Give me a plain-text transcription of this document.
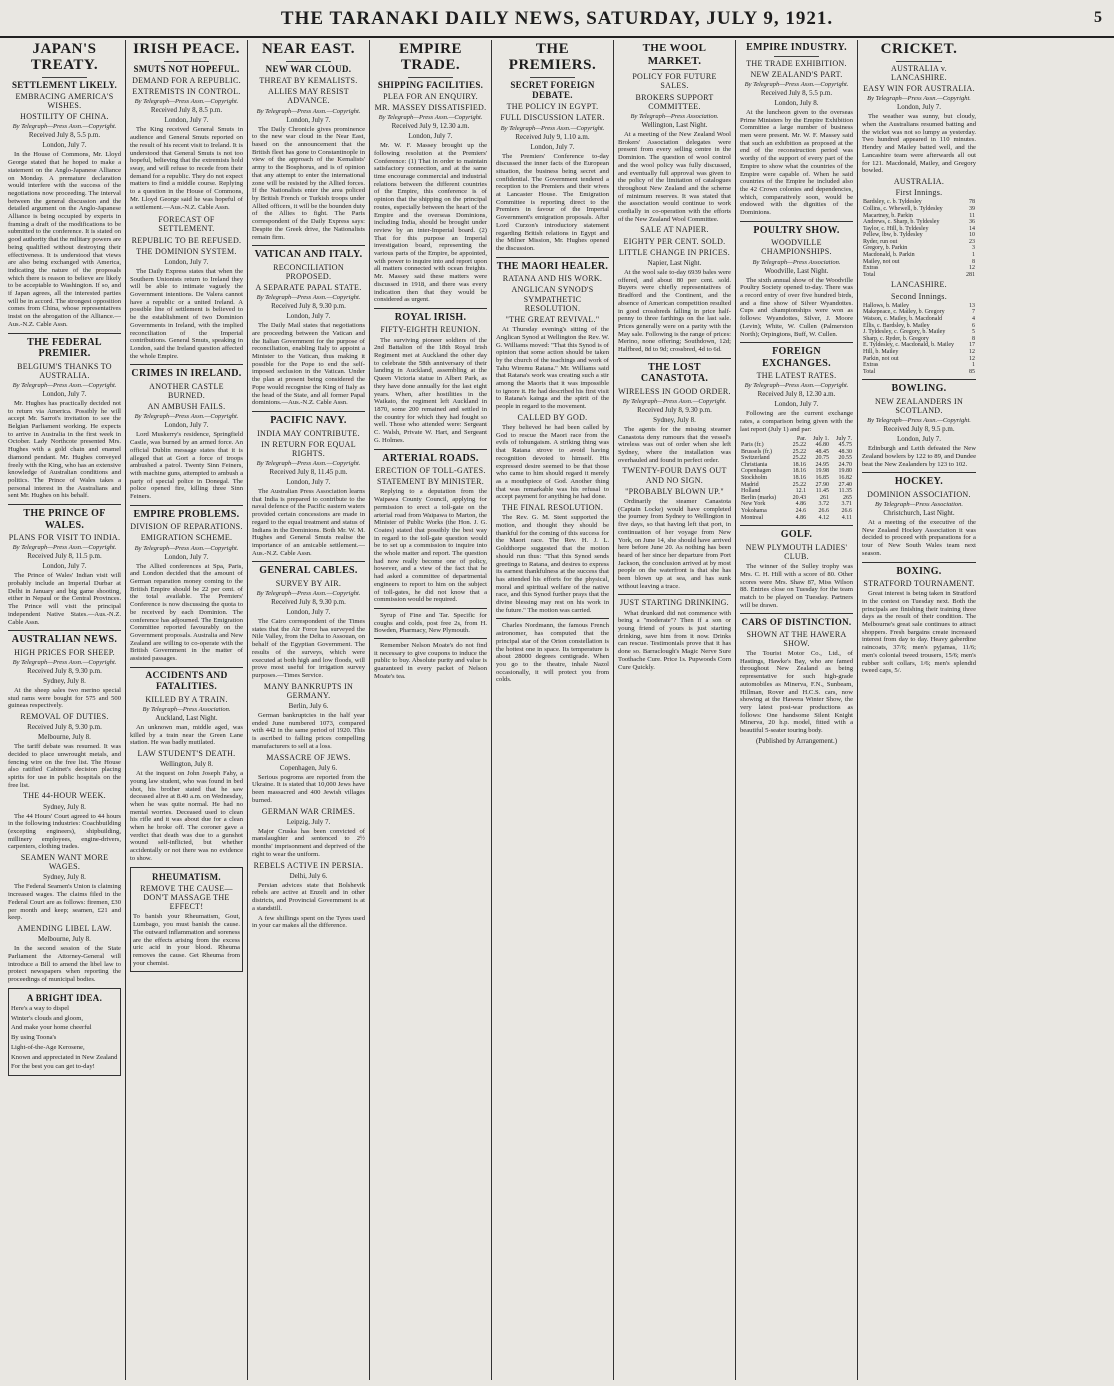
THE TARANAKI DAILY NEWS, SATURDAY, JULY 9, 1921.	5
JAPAN'S TREATY.
SETTLEMENT LIKELY.
EMBRACING AMERICA'S WISHES.
HOSTILITY OF CHINA.
By Telegraph—Press Assn.—Copyright.
Received July 8, 5.5 p.m.
London, July 7.

In the House of Commons, Mr. Lloyd George stated that he hoped to make a statement on the Anglo-Japanese Alliance on Monday. A premature declaration would interfere with the success of the negotiations now proceeding. The interval between the general discussion and the detailed argument on the Anglo-Japanese Alliance is being occupied by experts in framing a draft of the modifications to be submitted to the conference. It is stated on good authority that the military powers are being qualified without destroying their effectiveness. It is understood that views are also being exchanged with America, indicating the nature of the proposals which there is reason to believe are likely to be acceptable to Washington. If so, and if Japan agrees, all the interested parties will be in accord. The strongest opposition comes from China, whose representatives insist on the abrogation of the Alliance.—Aus.-N.Z. Cable Assn.

THE FEDERAL PREMIER.
BELGIUM'S THANKS TO AUSTRALIA.
By Telegraph—Press Assn.—Copyright.
London, July 7.

Mr. Hughes has practically decided not to return via America. Possibly he will accept Mr. Sarrot's invitation to see the Belgian Parliament working. He expects to arrive in Australia in the first week in October. Lady Northcote presented Mrs. Hughes with a gold chain and enamel diamond pendant. Mr. Hughes conveyed freely with the King, who has an extensive knowledge of Australian conditions and politics. The Prince of Wales takes a personal interest in the Australians and sent Mr. Hughes on his behalf.

THE PRINCE OF WALES.
PLANS FOR VISIT TO INDIA.
By Telegraph—Press Assn.—Copyright.
Received July 8, 11.5 p.m.
London, July 7.

The Prince of Wales' Indian visit will probably include an Imperial Durbar at Delhi in January and big game shooting, either in Nepaul or the Central Provinces. The Prince will visit the principal independent Native States.—Aus.-N.Z. Cable Assn.

AUSTRALIAN NEWS.
HIGH PRICES FOR SHEEP.
By Telegraph—Press Assn.—Copyright.
Received July 8, 9.30 p.m.
Sydney, July 8.

At the sheep sales two merino special stud rams were bought for 575 and 500 guineas respectively.

REMOVAL OF DUTIES.
Received July 8, 9.30 p.m.
Melbourne, July 8.

The tariff debate was resumed. It was decided to place unwrought metals, and fencing wire on the free list. The House also ratified Cabinet's decision placing spirits for use in public hospitals on the free list.

THE 44-HOUR WEEK.
Sydney, July 8.

The 44 Hours' Court agreed to 44 hours in the following industries: Coachbuilding (excepting engineers), shipbuilding, millinery employees, engine-drivers, carpenters, clothing trades.

SEAMEN WANT MORE WAGES.
Sydney, July 8.

The Federal Seamen's Union is claiming increased wages. The claims filed in the Federal Court are as follows: firemen, £30 per month and keep; seamen, £21 and keep.

AMENDING LIBEL LAW.
Melbourne, July 8.

In the second session of the State Parliament the Attorney-General will introduce a Bill to amend the libel law to protect newspapers when reporting the proceedings of municipal bodies.

A BRIGHT IDEA.
Here's a way to dispel
Winter's clouds and gloom,
And make your home cheerful
By using Toona's
Light-of-the-Age Kerosene,
Known and appreciated in New Zealand
For the best you can get to-day!
IRISH PEACE.
SMUTS NOT HOPEFUL.
DEMAND FOR A REPUBLIC.
EXTREMISTS IN CONTROL.
By Telegraph—Press Assn.—Copyright.
Received July 8, 8.5 p.m.
London, July 7.

The King received General Smuts in audience and General Smuts reported on the result of his recent visit to Ireland. It is understood that General Smuts is not too hopeful, believing that the extremists hold sway, and will refuse to recede from their demand for a republic. They do not expect matters to find a middle course. Replying to a question in the House of Commons, Mr. Lloyd George said he was hopeful of a settlement.—Aus.-N.Z. Cable Assn.

FORECAST OF SETTLEMENT.
REPUBLIC TO BE REFUSED.
THE DOMINION SYSTEM.
London, July 7.

The Daily Express states that when the Southern Unionists return to Ireland they will be able to intimate vaguely the Government intentions. De Valera cannot have a republic or a united Ireland. A possible line of settlement is believed to be the establishment of two Dominion Governments in Ireland, with the implied reconciliation of the Imperial contributions. General Smuts, speaking in London, said the Ireland question affected the whole Empire.

CRIMES IN IRELAND.
ANOTHER CASTLE BURNED.
AN AMBUSH FAILS.
By Telegraph—Press Assn.—Copyright.
London, July 7.

Lord Muskerry's residence, Springfield Castle, was burned by an armed force. An official Dublin message states that it is alleged that at Gort a force of troops ambushed a patrol. Twenty Sinn Feiners, with machine guns, attempted to ambush a party of special police in Donegal. The police opened fire, killing three Sinn Feiners.

EMPIRE PROBLEMS.
DIVISION OF REPARATIONS.
EMIGRATION SCHEME.
By Telegraph—Press Assn.—Copyright.
London, July 7.

The Allied conferences at Spa, Paris, and London decided that the amount of German reparation money coming to the British Empire should be 22 per cent. of the total available. The Premiers' Conference is now discussing the quota to be received by each Dominion. The conference has adjourned. The Emigration Committee reported favourably on the Government proposals. Australia and New Zealand are willing to co-operate with the British Government in the matter of assisted passages.

ACCIDENTS AND FATALITIES.
KILLED BY A TRAIN.
By Telegraph—Press Association.
Auckland, Last Night.

An unknown man, middle aged, was killed by a train near the Green Lane station. He was badly mutilated.

LAW STUDENT'S DEATH.
Wellington, July 8.

At the inquest on John Joseph Fahy, a young law student, who was found in bed shot, his brother stated that he saw deceased alive at 8.40 a.m. on Wednesday, when he was quite normal. He had no mental worries. Deceased used to clean his rifle and it was about due for a clean when he broke off. The coroner gave a verdict that death was due to a gunshot wound self-inflicted, but whether accidentally or not there was no evidence to show.

RHEUMATISM.
REMOVE THE CAUSE—DON'T MASSAGE THE EFFECT!

To banish your Rheumatism, Gout, Lumbago, you must banish the cause. The outward inflammation and soreness are the effects arising from the excess uric acid in your blood. Rheuma removes the cause. Get Rheuma from your chemist.

NEAR EAST.
NEW WAR CLOUD.
THREAT BY KEMALISTS.
ALLIES MAY RESIST ADVANCE.
By Telegraph—Press Assn.—Copyright.
London, July 7.

The Daily Chronicle gives prominence to the new war cloud in the Near East, based on the announcement that the British fleet has gone to Constantinople in view of the approach of the Kemalists' army to the Bosphorus, and is of opinion that any attempt to enter the international zone will be resisted by the Allied forces. If the Nationalists enter the area policed by British French or Turkish troops under Allied officers, it will be the bounden duty of the Allies to fight. The Paris correspondent of the Daily Express says: Despite the Greek drive, the Nationalists remain firm.

VATICAN AND ITALY.
RECONCILIATION PROPOSED.
A SEPARATE PAPAL STATE.
By Telegraph—Press Assn.—Copyright.
Received July 8, 9.30 p.m.
London, July 7.

The Daily Mail states that negotiations are proceeding between the Vatican and the Italian Government for the purpose of reconciliation, enabling Italy to appoint a Minister to the Vatican, thus making it possible for the Pope to end the self-imposed seclusion in the Vatican. Under the plan at present being considered the Pope would recognise the King of Italy as the head of the State, and all former Papal dominions.—Aus.-N.Z. Cable Assn.

PACIFIC NAVY.
INDIA MAY CONTRIBUTE.
IN RETURN FOR EQUAL RIGHTS.
By Telegraph—Press Assn.—Copyright.
Received July 8, 11.45 p.m.
London, July 7.

The Australian Press Association learns that India is prepared to contribute to the naval defence of the Pacific eastern waters provided certain concessions are made in regard to the equal treatment and status of Indians in the Dominions. Both Mr. W. M. Hughes and General Smuts realise the importance of an amicable settlement.—Aus.-N.Z. Cable Assn.

GENERAL CABLES.
SURVEY BY AIR.
By Telegraph—Press Assn.—Copyright.
Received July 8, 9.30 p.m.
London, July 7.

The Cairo correspondent of the Times states that the Air Force has surveyed the Nile Valley, from the Delta to Assouan, on behalf of the Egyptian Government. The results of the surveys, which were executed at both high and low floods, will prove most useful for irrigation survey purposes.—Times Service.

MANY BANKRUPTS IN GERMANY.
Berlin, July 6.

German bankruptcies in the half year ended June numbered 1073, compared with 442 in the same period of 1920. This is ascribed to falling prices compelling manufacturers to sell at a loss.

MASSACRE OF JEWS.
Copenhagen, July 6.

Serious pogroms are reported from the Ukraine. It is stated that 10,000 Jews have been massacred and 400 Jewish villages burned.

GERMAN WAR CRIMES.
Leipzig, July 7.

Major Cruska has been convicted of manslaughter and sentenced to 2½ months' imprisonment and deprived of the right to wear the uniform.

REBELS ACTIVE IN PERSIA.
Delhi, July 6.

Persian advices state that Bolshevik rebels are active at Enzeli and in other districts, and Provincial Government is at a standstill.

A few shillings spent on the Tyres used in your car makes all the difference.

EMPIRE TRADE.
SHIPPING FACILITIES.
PLEA FOR AN ENQUIRY.
MR. MASSEY DISSATISFIED.
By Telegraph—Press Assn.—Copyright.
Received July 9, 12.30 a.m.
London, July 7.

Mr. W. F. Massey brought up the following resolution at the Premiers' Conference: (1) That in order to maintain satisfactory connection, and at the same time encourage commercial and industrial relations between the different countries of the Empire, this conference is of opinion that the shipping on the principal routes, especially between the heart of the Empire and the overseas Dominions, including India, should be brought under review by an inter-Imperial board. (2) That for this purpose an Imperial investigation board, representing the various parts of the Empire, be appointed, with power to inquire into and report upon all matters connected with ocean freights. Mr. Massey said these matters were discussed in 1918, and there was every indication then that they would be considered as urgent.

ROYAL IRISH.
FIFTY-EIGHTH REUNION.

The surviving pioneer soldiers of the 2nd Battalion of the 18th Royal Irish Regiment met at Auckland the other day to celebrate the 58th anniversary of their landing in Auckland, assembling at the Queen Victoria statue in Albert Park, as they have done annually for the last eight years. When, after hostilities in the Waikato, the regiment left Auckland in 1870, some 200 remained and settled in the country for which they had fought so well. Those who attended were: Sergeant C. Walsh, Private W. Hart, and Sergeant G. Holmes.

ARTERIAL ROADS.
ERECTION OF TOLL-GATES.
STATEMENT BY MINISTER.

Replying to a deputation from the Waipawa County Council, applying for permission to erect a toll-gate on the arterial road from Waipawa to Marton, the Minister of Public Works (the Hon. J. G. Coates) stated that possibly the best way in regard to the toll-gate question would be to set up a commission to inquire into the whole matter and report. The question had now really become one of policy, however, and a view of the fact that he had asked a committee of departmental engineers to report to him on the subject of toll-gates, he did not know that a commission would be required.

Syrup of Fine and Tar. Specific for coughs and colds, post free 2s, from H. Bowden, Pharmacy, New Plymouth.

Remember Nelson Moate's do not find it necessary to give coupons to induce the public to buy. Absolute purity and value is guaranteed in every packet of Nelson Moate's tea.

THE PREMIERS.
SECRET FOREIGN DEBATE.
THE POLICY IN EGYPT.
FULL DISCUSSION LATER.
By Telegraph—Press Assn.—Copyright.
Received July 9, 1.10 a.m.
London, July 7.

The Premiers' Conference to-day discussed the inner facts of the European situation, the business being secret and confidential. The Government tendered a reception to the Premiers and their wives at Lancaster House. The Emigration Committee is reporting direct to the Premiers in favour of the Imperial Government's emigration proposals. After Lord Curzon's introductory statement regarding British relations in Egypt and the Milner Mission, Mr. Hughes opened the discussion.

THE MAORI HEALER.
RATANA AND HIS WORK.
ANGLICAN SYNOD'S SYMPATHETIC RESOLUTION.
"THE GREAT REVIVAL."

At Thursday evening's sitting of the Anglican Synod at Wellington the Rev. W. G. Williams moved: "That this Synod is of opinion that some action should be taken by the church of the teachings and work of Tahu Wiremu Ratana." Mr. Williams said that Ratana's work was creating such a stir among the Maoris that it was impossible to ignore it. He had described his first visit to Ratana's kainga and the spirit of the people in regard to the movement.

CALLED BY GOD.

They believed he had been called by God to rescue the Maori race from the evils of tohungaism. A striking thing was that Ratana strove to avoid having recognition devoted to himself. His expressed desire seemed to be that those who came to him should regard it merely as a mouthpiece of God. Another thing that was remarkable was his refusal to accept payment for anything he had done.

THE FINAL RESOLUTION.

The Rev. G. M. Stent supported the motion, and thought they should be thankful for the coming of this success for the Maori race. The Rev. H. J. L. Goldthorpe suggested that the motion should run thus: "That this Synod sends greetings to Ratana, and desires to express its earnest thankfulness at the success that has attended his efforts for the physical, moral and spiritual welfare of the native race, and this Synod further prays that the divine blessing may rest on his work in the future." The motion was carried.

Charles Nordmann, the famous French astronomer, has computed that the principal star of the Orion constellation is the hottest one in space. Its temperature is about 28000 degrees centigrade. When you go to the theatre, inhale Nazol occasionally, it will protect you from colds.

THE WOOL MARKET.
POLICY FOR FUTURE SALES.
BROKERS SUPPORT COMMITTEE.
By Telegraph—Press Association.
Wellington, Last Night.

At a meeting of the New Zealand Wool Brokers' Association delegates were present from every selling centre in the Dominion. The question of wool control and the wool policy was fully discussed, and eventually full approval was given to the policy of the limitation of catalogues throughout New Zealand and the scheme of minimum reserves. It was stated that the association would continue to work cordially in co-operation with the efforts of the New Zealand Wool Committee.

SALE AT NAPIER.
EIGHTY PER CENT. SOLD.
LITTLE CHANGE IN PRICES.
Napier, Last Night.

At the wool sale to-day 6939 bales were offered, and about 80 per cent. sold. Buyers were chiefly representatives of Bradford and the Continent, and the absence of American competition resulted in good crossbreds falling in price half-penny to three farthings on the last sale. Prices generally were on a parity with the May sale. Following is the range of prices: Merino, none offering; Southdown, 12d; Halfbred, 8d to 9d; crossbred, 4d to 6d.

THE LOST CANASTOTA.
WIRELESS IN GOOD ORDER.
By Telegraph—Press Assn.—Copyright.
Received July 8, 9.30 p.m.
Sydney, July 8.

The agents for the missing steamer Canastota deny rumours that the vessel's wireless was out of order when she left Sydney, where the installation was overhauled and found in perfect order.

TWENTY-FOUR DAYS OUT AND NO SIGN.
"PROBABLY BLOWN UP."

Ordinarily the steamer Canastota (Captain Locke) would have completed the journey from Sydney to Wellington in five days, so that having left that port, in continuation of her voyage from New York, on June 14, she should have arrived here before June 20. As nothing has been heard of her since her departure from Port Jackson, the conclusion arrived at by most people on the waterfront is that she has been blown up at sea, and has sunk without leaving a trace.

JUST STARTING DRINKING.

What drunkard did not commence with being a "moderate"? Then if a son or young friend of yours is just starting drinking, save him from it now. Drinks can rescue. Testimonials prove that it has done so. Barraclough's Magic Nerve Sure Toothache Cure. Price 1s. Pupwoods Corn Cure Quickly.

EMPIRE INDUSTRY.
THE TRADE EXHIBITION.
NEW ZEALAND'S PART.
By Telegraph—Press Assn.—Copyright.
Received July 8, 5.5 p.m.
London, July 8.

At the luncheon given to the overseas Prime Ministers by the Empire Exhibition Committee a large number of business men were present. Mr. W. F. Massey said that such an exhibition as proposed at the end of the reconstruction period was worthy of the support of every part of the Empire to show what the countries of the Empire were capable of. When he said countries of the Empire he included also the 42 Crown colonies and dependencies, which, comparatively soon, would be endowed with the dignities of the Dominions.

POULTRY SHOW.
WOODVILLE CHAMPIONSHIPS.
By Telegraph—Press Association.
Woodville, Last Night.

The sixth annual show of the Woodville Poultry Society opened to-day. There was a record entry of over five hundred birds, and a fine show of Silver Wyandottes. Cups and championships were won as follows: Wyandottes, Silver, J. Moore (Levin); White, W. Cullen (Palmerston North); Orpingtons, Buff, W. Cullen.

FOREIGN EXCHANGES.
THE LATEST RATES.
By Telegraph—Press Assn.—Copyright.
Received July 8, 12.30 a.m.
London, July 7.

Following are the current exchange rates, a comparison being given with the last report (July 1) and par:

	Par.	July 1.	July 7.
Paris (fr.)	25.22	46.80	45.75
Brussels (fr.)	25.22	48.45	48.30
Switzerland	25.22	20.75	20.55
Christiania	18.16	24.95	24.70
Copenhagen	18.16	19.98	19.80
Stockholm	18.16	16.85	16.82
Madrid	25.22	27.90	27.40
Holland	12.1	11.45	11.35
Berlin (marks)	20.43	261	265
New York	4.86	3.72	3.71
Yokohama	24.6	26.6	26.6
Montreal	4.86	4.12	4.11
GOLF.
NEW PLYMOUTH LADIES' CLUB.

The winner of the Sulley trophy was Mrs. C. H. Hill with a score of 80. Other scores were Mrs. Shaw 87, Miss Wilson 88. Entries close on Tuesday for the team match to be played on Tuesday. Partners will be drawn.

CARS OF DISTINCTION.
SHOWN AT THE HAWERA SHOW.

The Tourist Motor Co., Ltd., of Hastings, Hawke's Bay, who are famed throughout New Zealand as being representative for such high-grade automobiles as Minerva, F.N., Sunbeam, Hillman, Rover and H.C.S. cars, now showing at the Hawera Winter Show, the very latest post-war productions as follows: One handsome Silent Knight Minerva, 20 h.p. model, fitted with a beautiful 5-seater touring body.

(Published by Arrangement.)
CRICKET.
AUSTRALIA v. LANCASHIRE.
EASY WIN FOR AUSTRALIA.
By Telegraph—Press Assn.—Copyright.
London, July 7.

The weather was sunny, but cloudy, when the Australians resumed batting and the wicket was not so lumpy as yesterday. Two hundred appeared in 110 minutes. Hendry and Mailey batted well, and the Lancashire team were afterwards all out for 121. Macdonald, Mailey, and Gregory bowled.

AUSTRALIA.
First Innings.
Bardsley, c. b. Tyldesley	78
Collins, c. Whewell, b. Tyldesley	39
Macartney, b. Parkin	11
Andrews, c. Sharp, b. Tyldesley	36
Taylor, c. Hill, b. Tyldesley	14
Pellew, lbw, b. Tyldesley	10
Ryder, run out	23
Gregory, b. Parkin	3
Macdonald, b. Parkin	1
Mailey, not out	8
Extras	12
Total	281
LANCASHIRE.
Second Innings.
Hallows, b. Mailey	13
Makepeace, c. Mailey, b. Gregory	7
Watson, c. Mailey, b. Macdonald	4
Ellis, c. Bardsley, b. Mailey	6
J. Tyldesley, c. Gregory, b. Mailey	5
Sharp, c. Ryder, b. Gregory	8
E. Tyldesley, c. Macdonald, b. Mailey	17
Hill, b. Mailey	12
Parkin, not out	12
Extras	1
Total	85
BOWLING.
NEW ZEALANDERS IN SCOTLAND.
By Telegraph—Press Assn.—Copyright.
Received July 8, 9.5 p.m.
London, July 7.

Edinburgh and Leith defeated the New Zealand bowlers by 122 to 89, and Dundee beat the New Zealanders by 123 to 102.

HOCKEY.
DOMINION ASSOCIATION.
By Telegraph—Press Association.
Christchurch, Last Night.

At a meeting of the executive of the New Zealand Hockey Association it was decided to proceed with preparations for a tour of New South Wales team next season.

BOXING.
STRATFORD TOURNAMENT.

Great interest is being taken in Stratford in the contest on Tuesday next. Both the principals are finishing their training three days as the result of their condition. The Melbourne's great sale continues to attract shoppers. Fresh bargains create increased interest from day to day. Heavy gaberdine raincoats, 37/6; men's pyjamas, 11/6; men's colonial tweed trousers, 15/6; men's rubber soft collars, 1/6; men's splendid tweed caps, 5/.
